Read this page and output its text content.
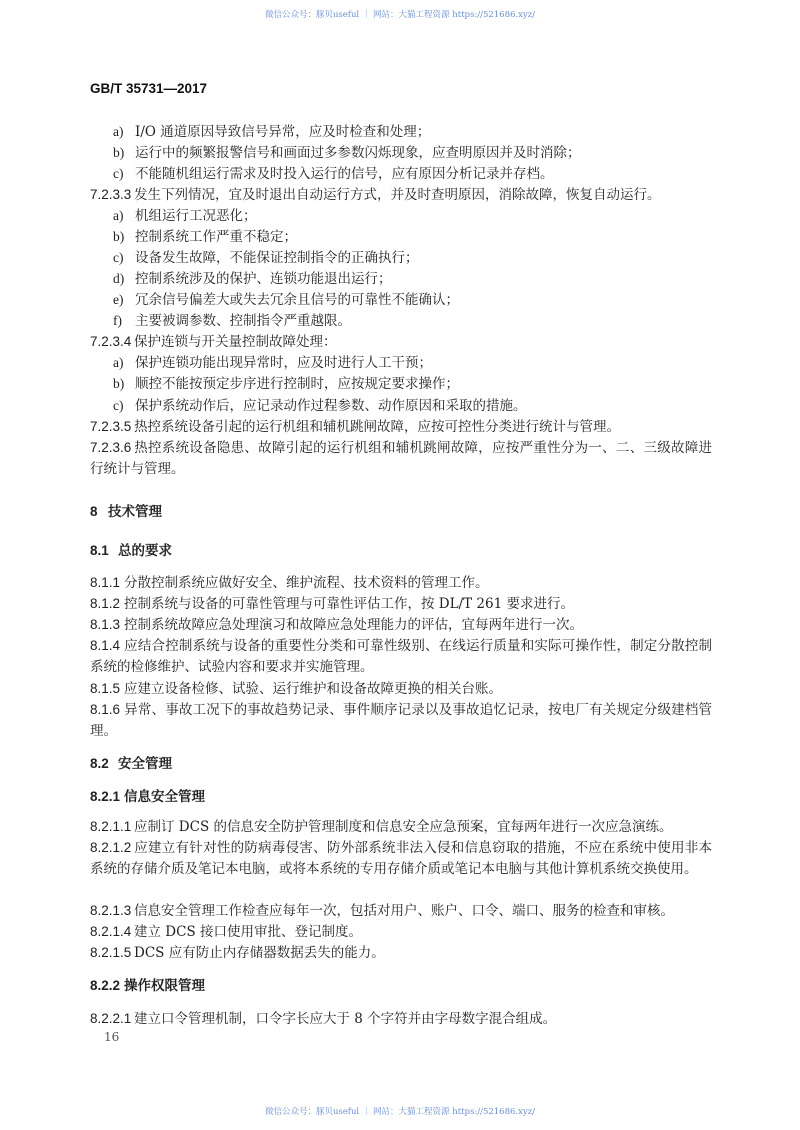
微信公众号：豚贝useful ｜ 网站：大猫工程资源 https://521686.xyz/
GB/T 35731—2017
a) I/O 通道原因导致信号异常，应及时检查和处理；
b) 运行中的频繁报警信号和画面过多参数闪烁现象，应查明原因并及时消除；
c) 不能随机组运行需求及时投入运行的信号，应有原因分析记录并存档。
7.2.3.3 发生下列情况，宜及时退出自动运行方式，并及时查明原因，消除故障，恢复自动运行。
a) 机组运行工况恶化；
b) 控制系统工作严重不稳定；
c) 设备发生故障，不能保证控制指令的正确执行；
d) 控制系统涉及的保护、连锁功能退出运行；
e) 冗余信号偏差大或失去冗余且信号的可靠性不能确认；
f) 主要被调参数、控制指令严重越限。
7.2.3.4 保护连锁与开关量控制故障处理：
a) 保护连锁功能出现异常时，应及时进行人工干预；
b) 顺控不能按预定步序进行控制时，应按规定要求操作；
c) 保护系统动作后，应记录动作过程参数、动作原因和采取的措施。
7.2.3.5 热控系统设备引起的运行机组和辅机跳闸故障，应按可控性分类进行统计与管理。
7.2.3.6 热控系统设备隐患、故障引起的运行机组和辅机跳闸故障，应按严重性分为一、二、三级故障进行统计与管理。
8 技术管理
8.1 总的要求
8.1.1 分散控制系统应做好安全、维护流程、技术资料的管理工作。
8.1.2 控制系统与设备的可靠性管理与可靠性评估工作，按 DL/T 261 要求进行。
8.1.3 控制系统故障应急处理演习和故障应急处理能力的评估，宜每两年进行一次。
8.1.4 应结合控制系统与设备的重要性分类和可靠性级别、在线运行质量和实际可操作性，制定分散控制系统的检修维护、试验内容和要求并实施管理。
8.1.5 应建立设备检修、试验、运行维护和设备故障更换的相关台账。
8.1.6 异常、事故工况下的事故趋势记录、事件顺序记录以及事故追忆记录，按电厂有关规定分级建档管理。
8.2 安全管理
8.2.1 信息安全管理
8.2.1.1 应制订 DCS 的信息安全防护管理制度和信息安全应急预案，宜每两年进行一次应急演练。
8.2.1.2 应建立有针对性的防病毒侵害、防外部系统非法入侵和信息窃取的措施，不应在系统中使用非本系统的存储介质及笔记本电脑，或将本系统的专用存储介质或笔记本电脑与其他计算机系统交换使用。
8.2.1.3 信息安全管理工作检查应每年一次，包括对用户、账户、口令、端口、服务的检查和审核。
8.2.1.4 建立 DCS 接口使用审批、登记制度。
8.2.1.5 DCS 应有防止内存储器数据丢失的能力。
8.2.2 操作权限管理
8.2.2.1 建立口令管理机制，口令字长应大于 8 个字符并由字母数字混合组成。
16
微信公众号：豚贝useful ｜ 网站：大猫工程资源 https://521686.xyz/
